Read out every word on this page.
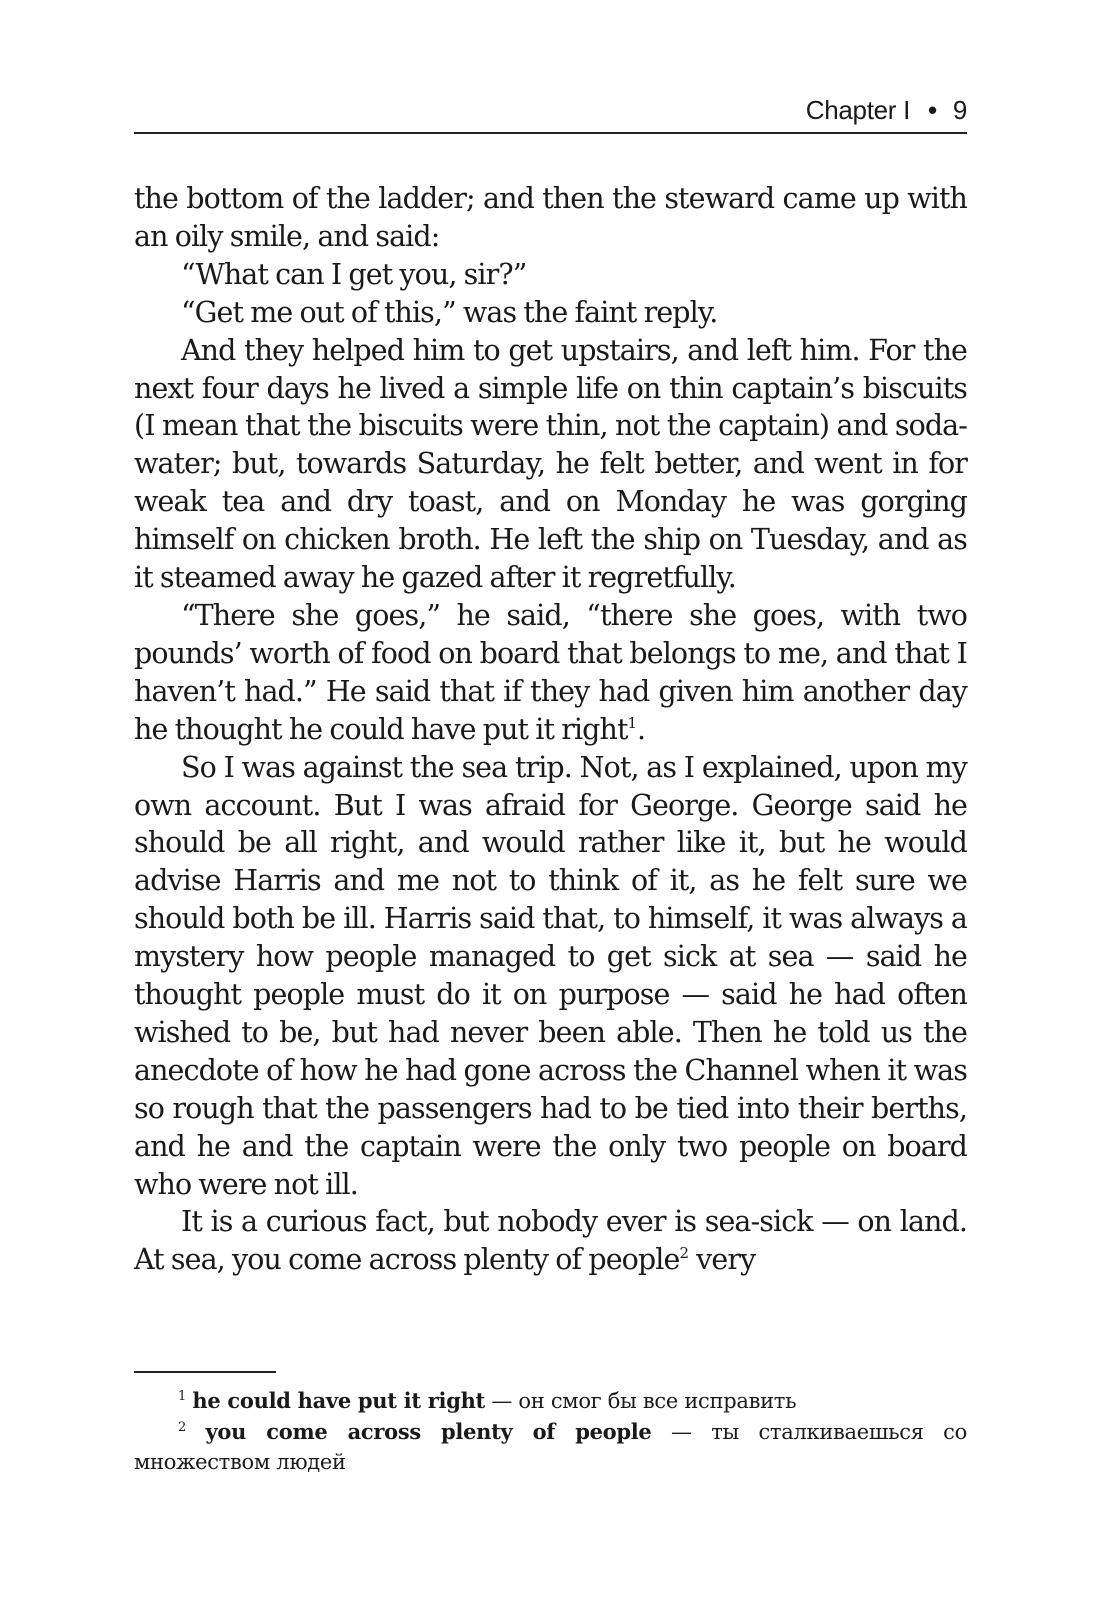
Chapter I • 9

the bottom of the ladder; and then the steward came up with an oily smile, and said:

“What can I get you, sir?”

“Get me out of this,” was the faint reply.

And they helped him to get upstairs, and left him. For the next four days he lived a simple life on thin captain’s biscuits (I mean that the biscuits were thin, not the captain) and soda-water; but, towards Saturday, he felt better, and went in for weak tea and dry toast, and on Monday he was gorging himself on chicken broth. He left the ship on Tuesday, and as it steamed away he gazed after it regretfully.

“There she goes,” he said, “there she goes, with two pounds’ worth of food on board that belongs to me, and that I haven’t had.” He said that if they had given him another day he thought he could have put it right$^1$.

So I was against the sea trip. Not, as I explained, upon my own account. But I was afraid for George. George said he should be all right, and would rather like it, but he would advise Harris and me not to think of it, as he felt sure we should both be ill. Harris said that, to himself, it was always a mystery how people managed to get sick at sea — said he thought people must do it on purpose — said he had often wished to be, but had never been able. Then he told us the anecdote of how he had gone across the Channel when it was so rough that the passengers had to be tied into their berths, and he and the captain were the only two people on board who were not ill.

It is a curious fact, but nobody ever is sea-sick — on land. At sea, you come across plenty of people$^2$ very

$^1$ he could have put it right — он смог бы все исправить

$^2$ you come across plenty of people — ты сталкиваешься со множеством людей
